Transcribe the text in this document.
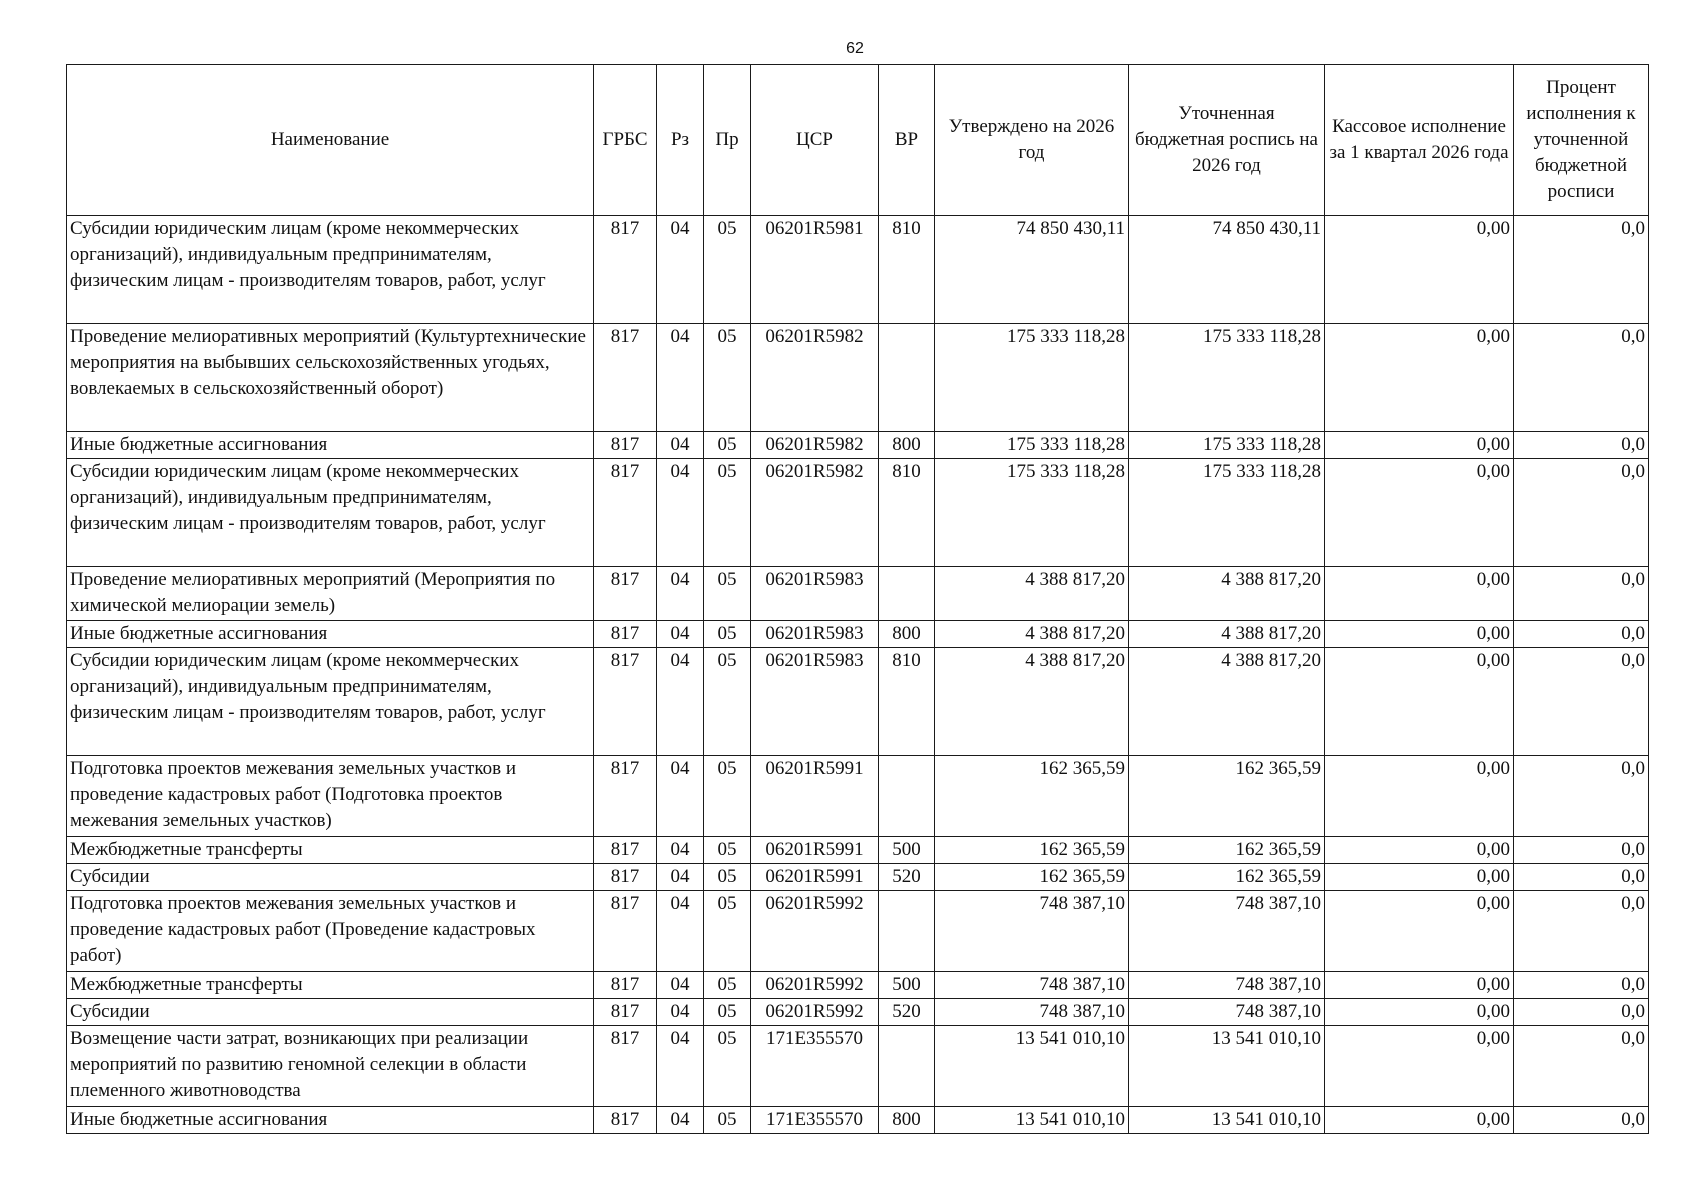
62
Наименование	ГРБС	Рз	Пр	ЦСР	ВР	Утверждено на 2026 год	Уточненная бюджетная роспись на 2026 год	Кассовое исполнение за 1 квартал 2026 года	Процент исполнения к уточненной бюджетной росписи
Субсидии юридическим лицам (кроме некоммерческих организаций), индивидуальным предпринимателям, физическим лицам - производителям товаров, работ, услуг	817	04	05	06201R5981	810	74 850 430,11	74 850 430,11	0,00	0,0
Проведение мелиоративных мероприятий (Культуртехнические мероприятия на выбывших сельскохозяйственных угодьях, вовлекаемых в сельскохозяйственный оборот)	817	04	05	06201R5982		175 333 118,28	175 333 118,28	0,00	0,0
Иные бюджетные ассигнования	817	04	05	06201R5982	800	175 333 118,28	175 333 118,28	0,00	0,0
Субсидии юридическим лицам (кроме некоммерческих организаций), индивидуальным предпринимателям, физическим лицам - производителям товаров, работ, услуг	817	04	05	06201R5982	810	175 333 118,28	175 333 118,28	0,00	0,0
Проведение мелиоративных мероприятий (Мероприятия по химической мелиорации земель)	817	04	05	06201R5983		4 388 817,20	4 388 817,20	0,00	0,0
Иные бюджетные ассигнования	817	04	05	06201R5983	800	4 388 817,20	4 388 817,20	0,00	0,0
Субсидии юридическим лицам (кроме некоммерческих организаций), индивидуальным предпринимателям, физическим лицам - производителям товаров, работ, услуг	817	04	05	06201R5983	810	4 388 817,20	4 388 817,20	0,00	0,0
Подготовка проектов межевания земельных участков и проведение кадастровых работ (Подготовка проектов межевания земельных участков)	817	04	05	06201R5991		162 365,59	162 365,59	0,00	0,0
Межбюджетные трансферты	817	04	05	06201R5991	500	162 365,59	162 365,59	0,00	0,0
Субсидии	817	04	05	06201R5991	520	162 365,59	162 365,59	0,00	0,0
Подготовка проектов межевания земельных участков и проведение кадастровых работ (Проведение кадастровых работ)	817	04	05	06201R5992		748 387,10	748 387,10	0,00	0,0
Межбюджетные трансферты	817	04	05	06201R5992	500	748 387,10	748 387,10	0,00	0,0
Субсидии	817	04	05	06201R5992	520	748 387,10	748 387,10	0,00	0,0
Возмещение части затрат, возникающих при реализации мероприятий по развитию геномной селекции в области племенного животноводства	817	04	05	171E355570		13 541 010,10	13 541 010,10	0,00	0,0
Иные бюджетные ассигнования	817	04	05	171E355570	800	13 541 010,10	13 541 010,10	0,00	0,0
